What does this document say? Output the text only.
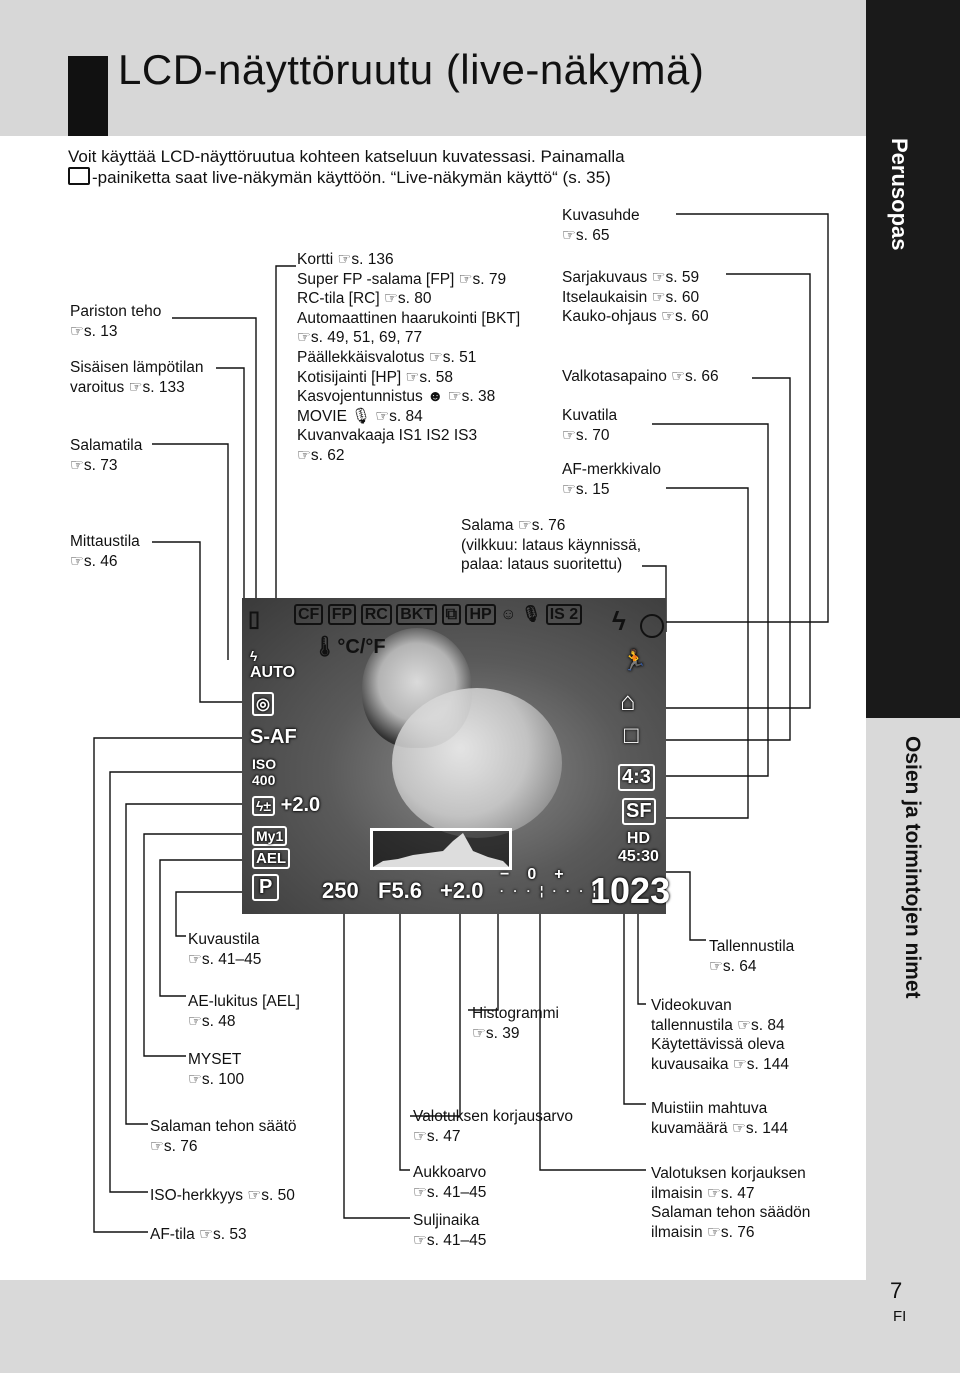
LCD-näyttöruutu (live-näkymä)
Perusopas
Osien ja toimintojen nimet
7
FI
Voit käyttää LCD-näyttöruutua kohteen katseluun kuvatessasi. Painamalla
-painiketta saat live-näkymän käyttöön. “Live-näkymän käyttö“ (s. 35)
Pariston teho
☞s. 13
Sisäisen lämpötilan
varoitus ☞s. 133
Salamatila
☞s. 73
Mittaustila
☞s. 46
Kortti ☞s. 136
Super FP -salama [FP] ☞s. 79
RC-tila [RC] ☞s. 80
Automaattinen haarukointi [BKT]
☞s. 49, 51, 69, 77
Päällekkäisvalotus ☞s. 51
Kotisijainti [HP] ☞s. 58
Kasvojentunnistus ☻ ☞s. 38
MOVIE 🎙 ☞s. 84
Kuvanvakaaja IS1 IS2 IS3
☞s. 62
Kuvasuhde
☞s. 65
Sarjakuvaus ☞s. 59
Itselaukaisin ☞s. 60
Kauko-ohjaus ☞s. 60
Valkotasapaino ☞s. 66
Kuvatila
☞s. 70
AF-merkkivalo
☞s. 15
Salama ☞s. 76
(vilkkuu: lataus käynnissä,
palaa: lataus suoritettu)
Kuvaustila
☞s. 41–45
AE-lukitus [AEL]
☞s. 48
MYSET
☞s. 100
Salaman tehon säätö
☞s. 76
ISO-herkkyys ☞s. 50
AF-tila ☞s. 53
Histogrammi
☞s. 39
Valotuksen korjausarvo
☞s. 47
Aukkoarvo
☞s. 41–45
Suljinaika
☞s. 41–45
Tallennustila
☞s. 64
Videokuvan
tallennustila ☞s. 84
Käytettävissä oleva
kuvausaika ☞s. 144
Muistiin mahtuva
kuvamäärä ☞s. 144
Valotuksen korjauksen
ilmaisin ☞s. 47
Salaman tehon säädön
ilmaisin ☞s. 76
▯ CF FP RC BKT ⧉ HP ☺ 🎙 IS 2
🌡°C/°F
ϟ
ϟ
AUTO
◎
S-AF
ISO
400
ϟ± +2.0
My1
AEL
P	250 F5.6 +2.0
−0+
· · · ¦ · · · ¦
1023
🏃
⌂
□
4:3
SF
HD
45:30
